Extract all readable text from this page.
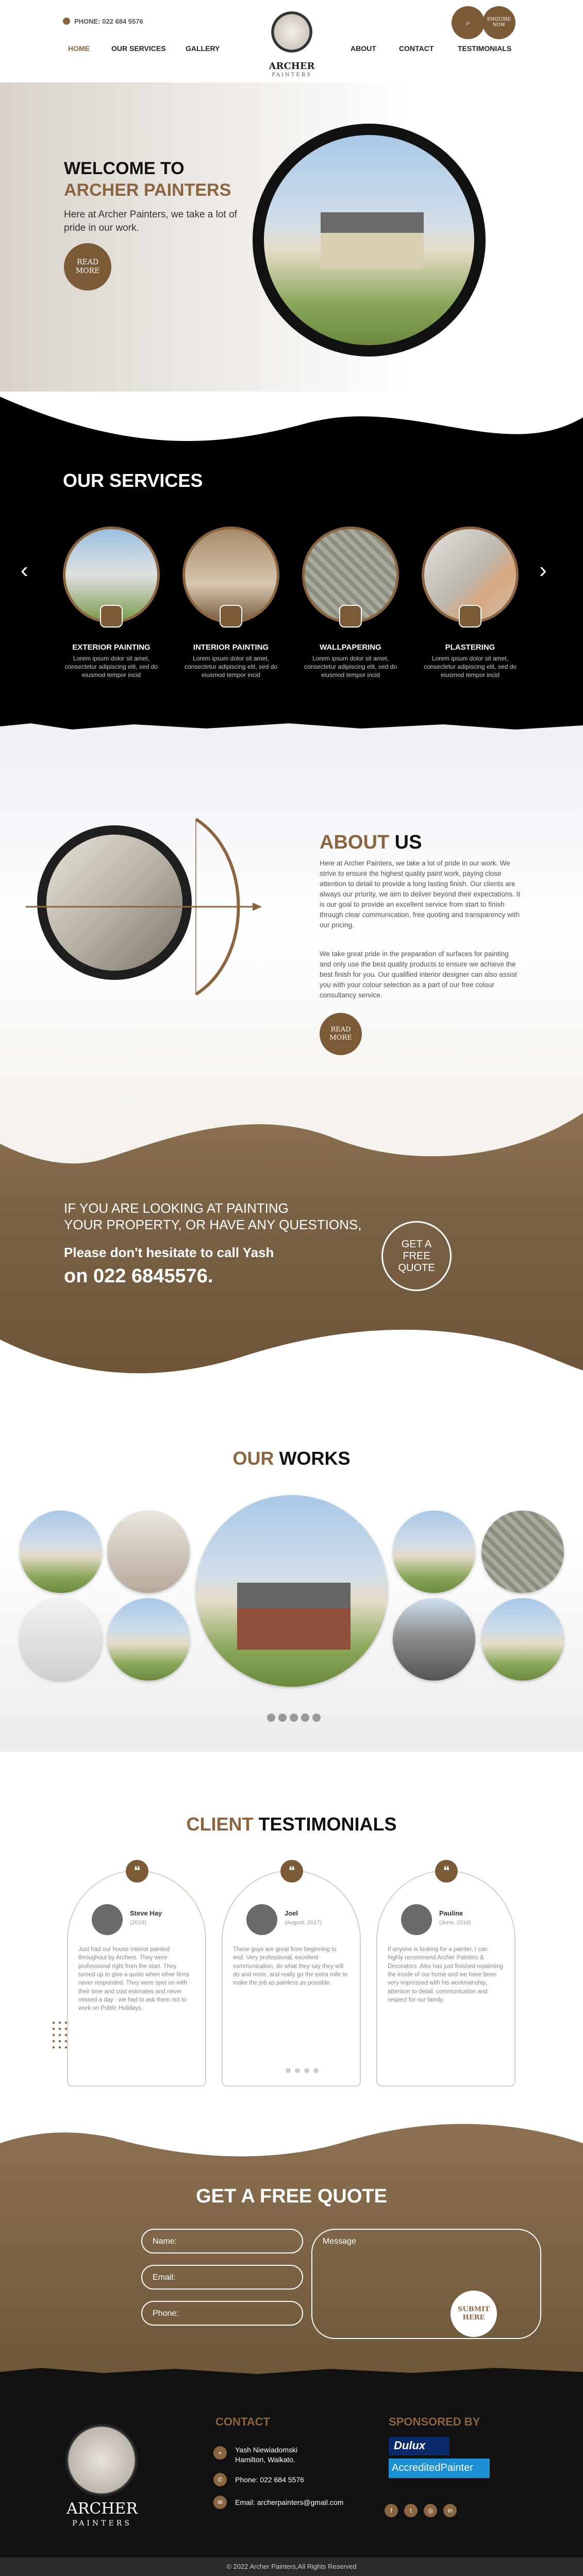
PHONE: 022 684 5576
HOME	OUR SERVICES	GALLERY	ABOUT	CONTACT	TESTIMONIALS
ARCHER
PAINTERS
⌕	ENQUIRE NOW
WELCOME TO
ARCHER PAINTERS
Here at Archer Painters, we take a lot of pride in our work.
READ MORE
OUR SERVICES
‹	›
EXTERIOR PAINTING
Lorem ipsum dolor sit amet, consectetur adipiscing elit, sed do eiusmod tempor incid
INTERIOR PAINTING
Lorem ipsum dolor sit amet, consectetur adipiscing elit, sed do eiusmod tempor incid
WALLPAPERING
Lorem ipsum dolor sit amet, consectetur adipiscing elit, sed do eiusmod tempor incid
PLASTERING
Lorem ipsum dolor sit amet, consectetur adipiscing elit, sed do eiusmod tempor incid
ABOUT US
Here at Archer Painters, we take a lot of pride in our work. We strive to ensure the highest quality paint work, paying close attention to detail to provide a long lasting finish. Our clients are always our priority, we aim to deliver beyond their expectations. It is our goal to provide an excellent service from start to finish through clear communication, free quoting and transparency with our pricing.
We take great pride in the preparation of surfaces for painting and only use the best quality products to ensure we achieve the best finish for you. Our qualified interior designer can also assist you with your colour selection as a part of our free colour consultancy service.
READ MORE
IF YOU ARE LOOKING AT PAINTING
YOUR PROPERTY, OR HAVE ANY QUESTIONS,
Please don't hesitate to call Yash
on 022 6845576.
GET A FREE QUOTE
OUR WORKS
CLIENT TESTIMONIALS
❝
Steve Hay
(2019)
Just had our house interior painted throughout by Archers. They were professional right from the start. They turned up to give a quote when other firms never responded. They were spot on with their time and cost estimates and never missed a day - we had to ask them not to work on Public Holidays.
❝
Joel
(August, 2017)
These guys are great from beginning to end. Very professional, excellent communication, do what they say they will do and more, and really go the extra mile to make the job as painless as possible.
❝
Pauline
(June, 2016)
If anyone is looking for a painter, I can highly recommend Archer Painters & Decorators. Alex has just finished repainting the inside of our home and we have been very impressed with his workmanship, attention to detail, communication and respect for our family.
GET A FREE QUOTE
Name:
Email:
Phone:
Message
SUBMIT HERE
ARCHER
PAINTERS
CONTACT
⌖	Yash Niewiadomski
Hamilton, Waikato.
✆	Phone: 022 684 5576
✉	Email: archerpainters@gmail.com
SPONSORED BY
Dulux
AccreditedPainter
f	t	◎	in
© 2022 Archer Painters,All Rights Reserved
